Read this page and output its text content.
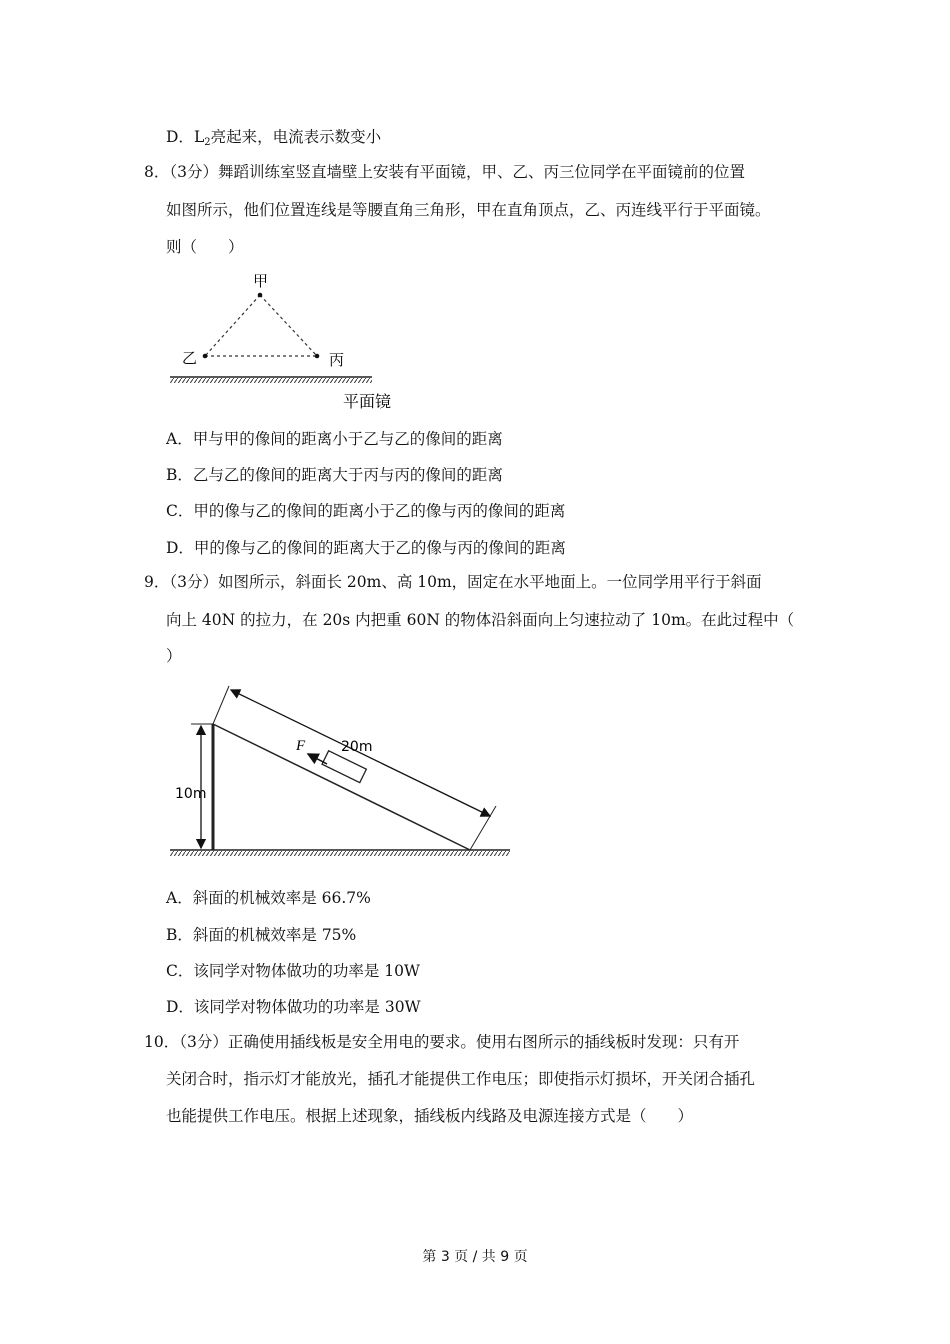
D．$L_2$亮起来，电流表示数变小
8．（3分）舞蹈训练室竖直墙壁上安装有平面镜，甲、乙、丙三位同学在平面镜前的位置
如图所示，他们位置连线是等腰直角三角形，甲在直角顶点，乙、丙连线平行于平面镜。
则（　　）
甲
乙	丙
平面镜
A．甲与甲的像间的距离小于乙与乙的像间的距离
B．乙与乙的像间的距离大于丙与丙的像间的距离
C．甲的像与乙的像间的距离小于乙的像与丙的像间的距离
D．甲的像与乙的像间的距离大于乙的像与丙的像间的距离
9．（3分）如图所示，斜面长 20m、高 10m，固定在水平地面上。一位同学用平行于斜面
向上 40N 的拉力，在 20s 内把重 60N 的物体沿斜面向上匀速拉动了 10m。在此过程中（
）
10m
F	20m
A．斜面的机械效率是 66.7%
B．斜面的机械效率是 75%
C．该同学对物体做功的功率是 10W
D．该同学对物体做功的功率是 30W
10．（3分）正确使用插线板是安全用电的要求。使用右图所示的插线板时发现：只有开
关闭合时，指示灯才能放光，插孔才能提供工作电压；即使指示灯损坏，开关闭合插孔
也能提供工作电压。根据上述现象，插线板内线路及电源连接方式是（　　）
第 3 页 / 共 9 页
